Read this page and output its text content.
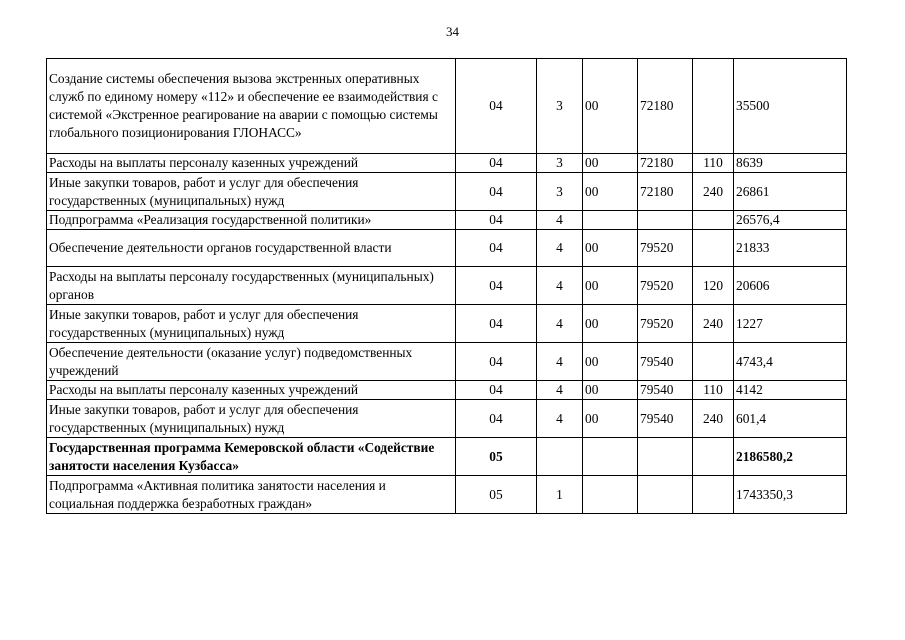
34
Создание системы обеспечения вызова экстренных оперативных служб по единому номеру «112» и обеспечение ее взаимодействия с системой «Экстренное реагирование на аварии с помощью системы глобального позиционирования ГЛОНАСС»	04	3	00	72180		35500
Расходы на выплаты персоналу казенных учреждений	04	3	00	72180	110	8639
Иные закупки товаров, работ и услуг для обеспечения государственных (муниципальных) нужд	04	3	00	72180	240	26861
Подпрограмма «Реализация государственной политики»	04	4				26576,4
Обеспечение деятельности органов государственной власти	04	4	00	79520		21833
Расходы на выплаты персоналу государственных (муниципальных) органов	04	4	00	79520	120	20606
Иные закупки товаров, работ и услуг для обеспечения государственных (муниципальных) нужд	04	4	00	79520	240	1227
Обеспечение деятельности (оказание услуг) подведомственных учреждений	04	4	00	79540		4743,4
Расходы на выплаты персоналу казенных учреждений	04	4	00	79540	110	4142
Иные закупки товаров, работ и услуг для обеспечения государственных (муниципальных) нужд	04	4	00	79540	240	601,4
Государственная программа Кемеровской области «Содействие занятости населения Кузбасса»	05					2186580,2
Подпрограмма «Активная политика занятости населения и социальная поддержка безработных граждан»	05	1				1743350,3
